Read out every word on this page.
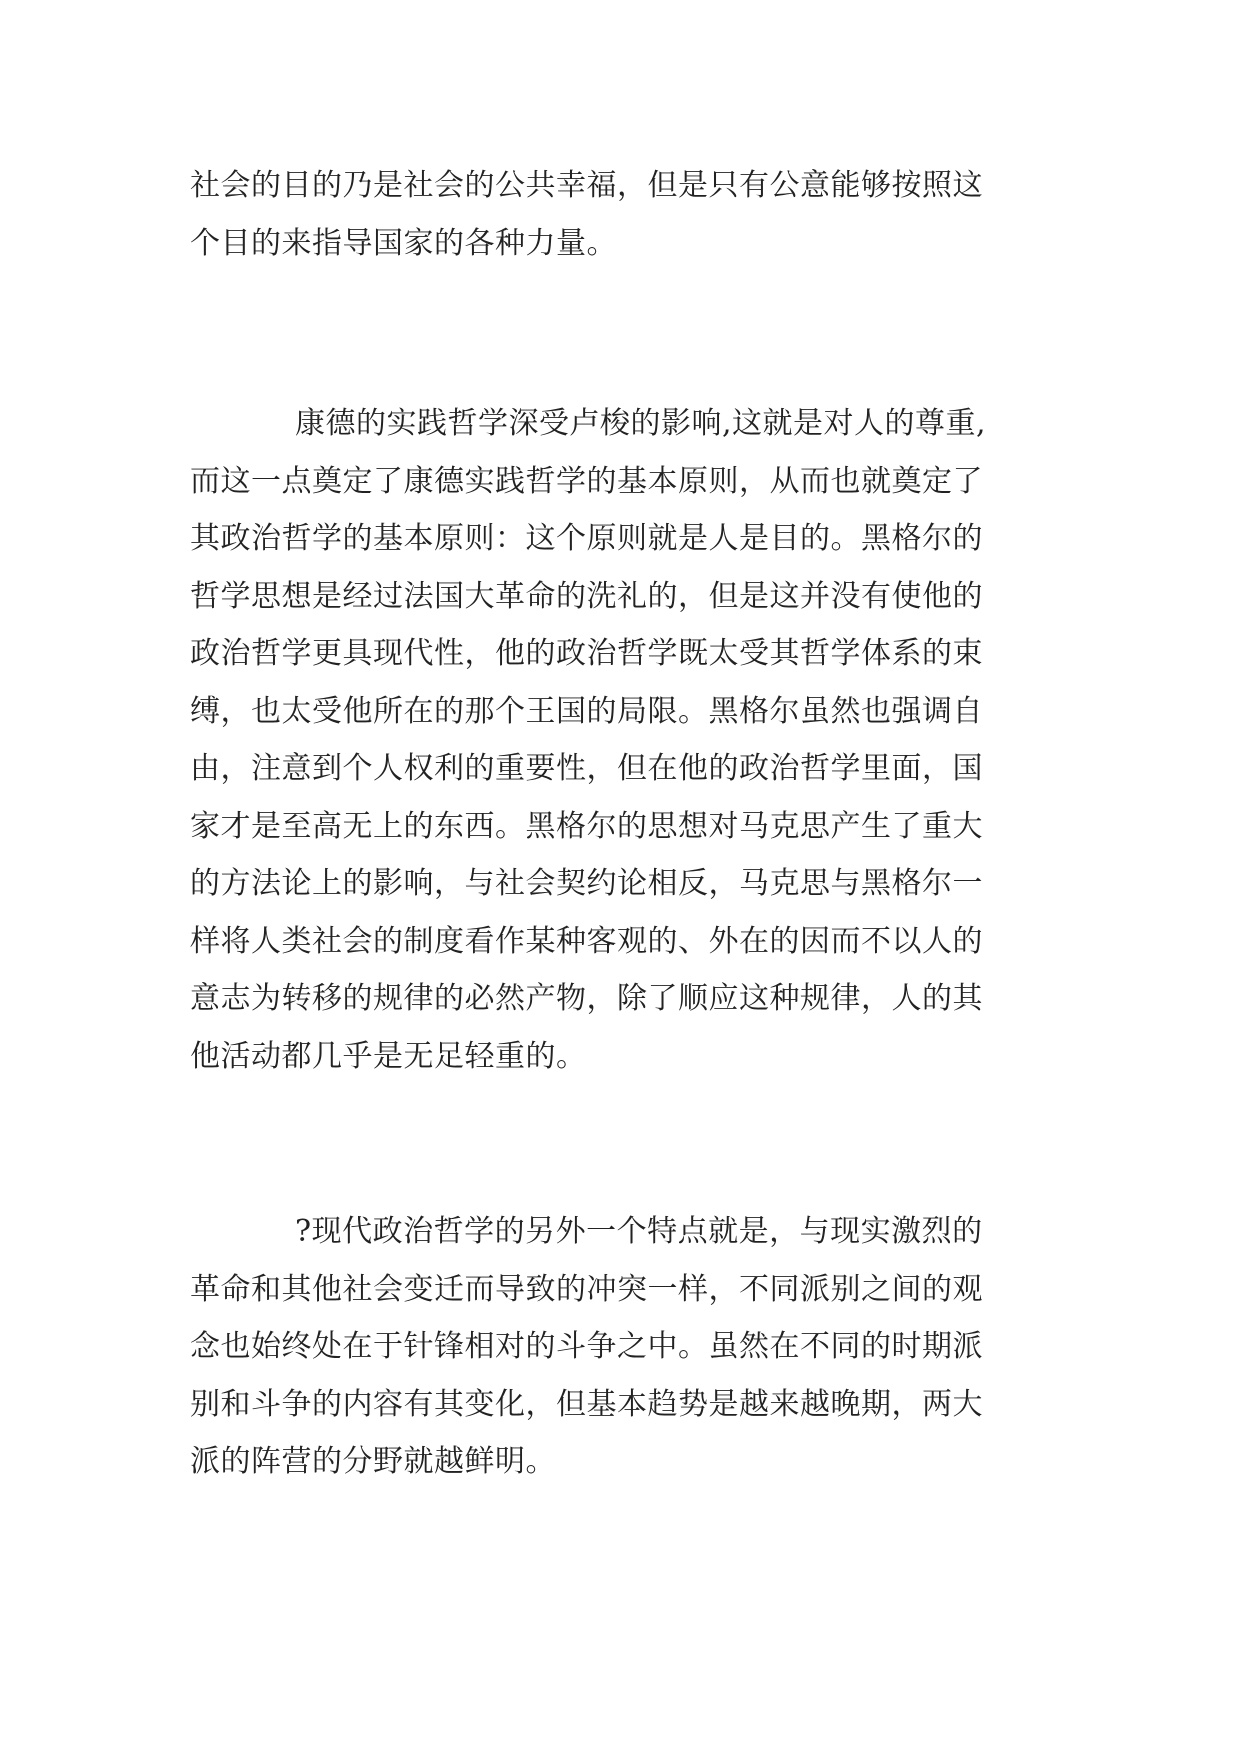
社会的目的乃是社会的公共幸福，但是只有公意能够按照这
个目的来指导国家的各种力量。
康德的实践哲学深受卢梭的影响,这就是对人的尊重,
而这一点奠定了康德实践哲学的基本原则，从而也就奠定了
其政治哲学的基本原则：这个原则就是人是目的。黑格尔的
哲学思想是经过法国大革命的洗礼的，但是这并没有使他的
政治哲学更具现代性，他的政治哲学既太受其哲学体系的束
缚，也太受他所在的那个王国的局限。黑格尔虽然也强调自
由，注意到个人权利的重要性，但在他的政治哲学里面，国
家才是至高无上的东西。黑格尔的思想对马克思产生了重大
的方法论上的影响，与社会契约论相反，马克思与黑格尔一
样将人类社会的制度看作某种客观的、外在的因而不以人的
意志为转移的规律的必然产物，除了顺应这种规律，人的其
他活动都几乎是无足轻重的。
?现代政治哲学的另外一个特点就是，与现实激烈的
革命和其他社会变迁而导致的冲突一样，不同派别之间的观
念也始终处在于针锋相对的斗争之中。虽然在不同的时期派
别和斗争的内容有其变化，但基本趋势是越来越晚期，两大
派的阵营的分野就越鲜明。
